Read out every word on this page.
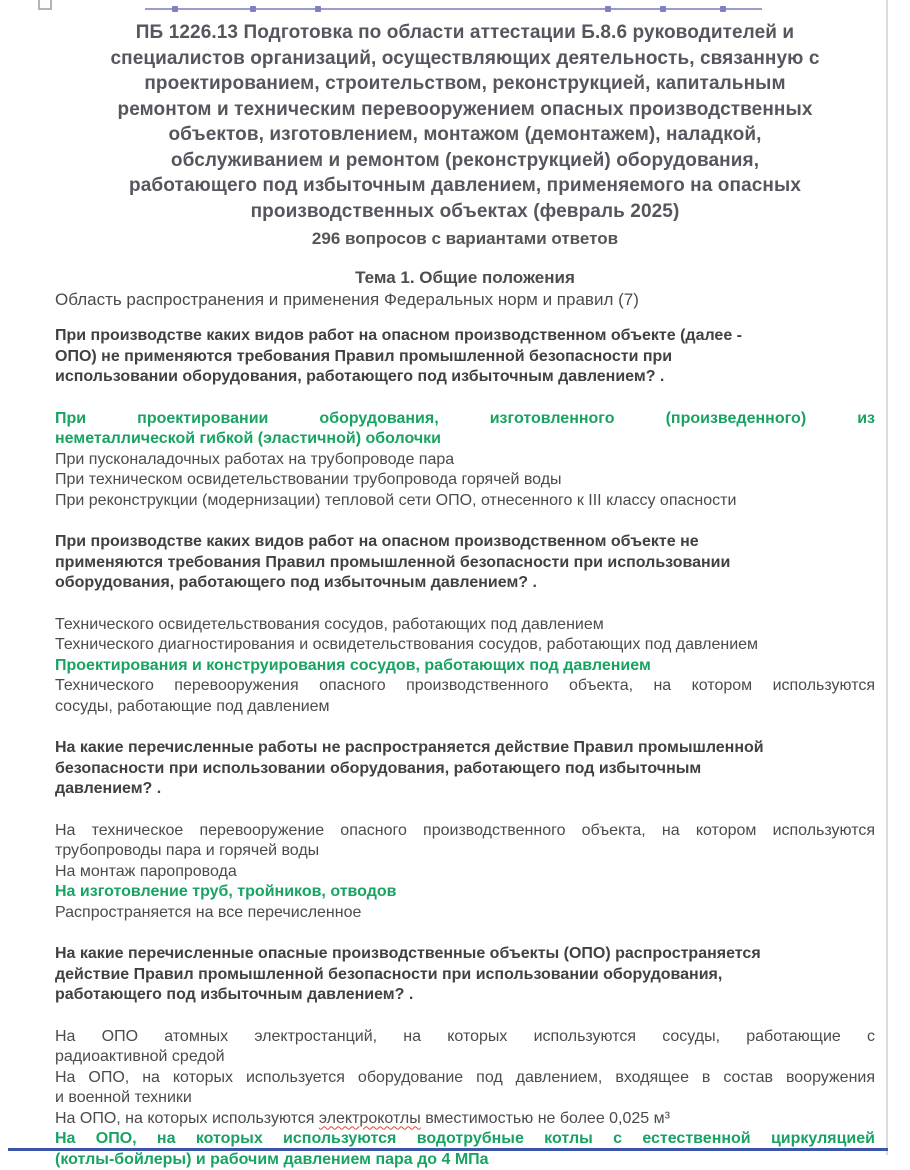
ПБ 1226.13 Подготовка по области аттестации Б.8.6 руководителей и
специалистов организаций, осуществляющих деятельность, связанную с
проектированием, строительством, реконструкцией, капитальным
ремонтом и техническим перевооружением опасных производственных
объектов, изготовлением, монтажом (демонтажем), наладкой,
обслуживанием и ремонтом (реконструкцией) оборудования,
работающего под избыточным давлением, применяемого на опасных
производственных объектах (февраль 2025)
296 вопросов с вариантами ответов
Тема 1. Общие положения
Область распространения и применения Федеральных норм и правил (7)
При производстве каких видов работ на опасном производственном объекте (далее -
ОПО) не применяются требования Правил промышленной безопасности при
использовании оборудования, работающего под избыточным давлением? .
При проектировании оборудования, изготовленного (произведенного) из
неметаллической гибкой (эластичной) оболочки
При пусконаладочных работах на трубопроводе пара
При техническом освидетельствовании трубопровода горячей воды
При реконструкции (модернизации) тепловой сети ОПО, отнесенного к III классу опасности
При производстве каких видов работ на опасном производственном объекте не
применяются требования Правил промышленной безопасности при использовании
оборудования, работающего под избыточным давлением? .
Технического освидетельствования сосудов, работающих под давлением
Технического диагностирования и освидетельствования сосудов, работающих под давлением
Проектирования и конструирования сосудов, работающих под давлением
Технического перевооружения опасного производственного объекта, на котором используются
сосуды, работающие под давлением
На какие перечисленные работы не распространяется действие Правил промышленной
безопасности при использовании оборудования, работающего под избыточным
давлением? .
На техническое перевооружение опасного производственного объекта, на котором используются
трубопроводы пара и горячей воды
На монтаж паропровода
На изготовление труб, тройников, отводов
Распространяется на все перечисленное
На какие перечисленные опасные производственные объекты (ОПО) распространяется
действие Правил промышленной безопасности при использовании оборудования,
работающего под избыточным давлением? .
На ОПО атомных электростанций, на которых используются сосуды, работающие с
радиоактивной средой
На ОПО, на которых используется оборудование под давлением, входящее в состав вооружения
и военной техники
На ОПО, на которых используются электрокотлы вместимостью не более 0,025 м³
На ОПО, на которых используются водотрубные котлы с естественной циркуляцией
(котлы-бойлеры) и рабочим давлением пара до 4 МПа
